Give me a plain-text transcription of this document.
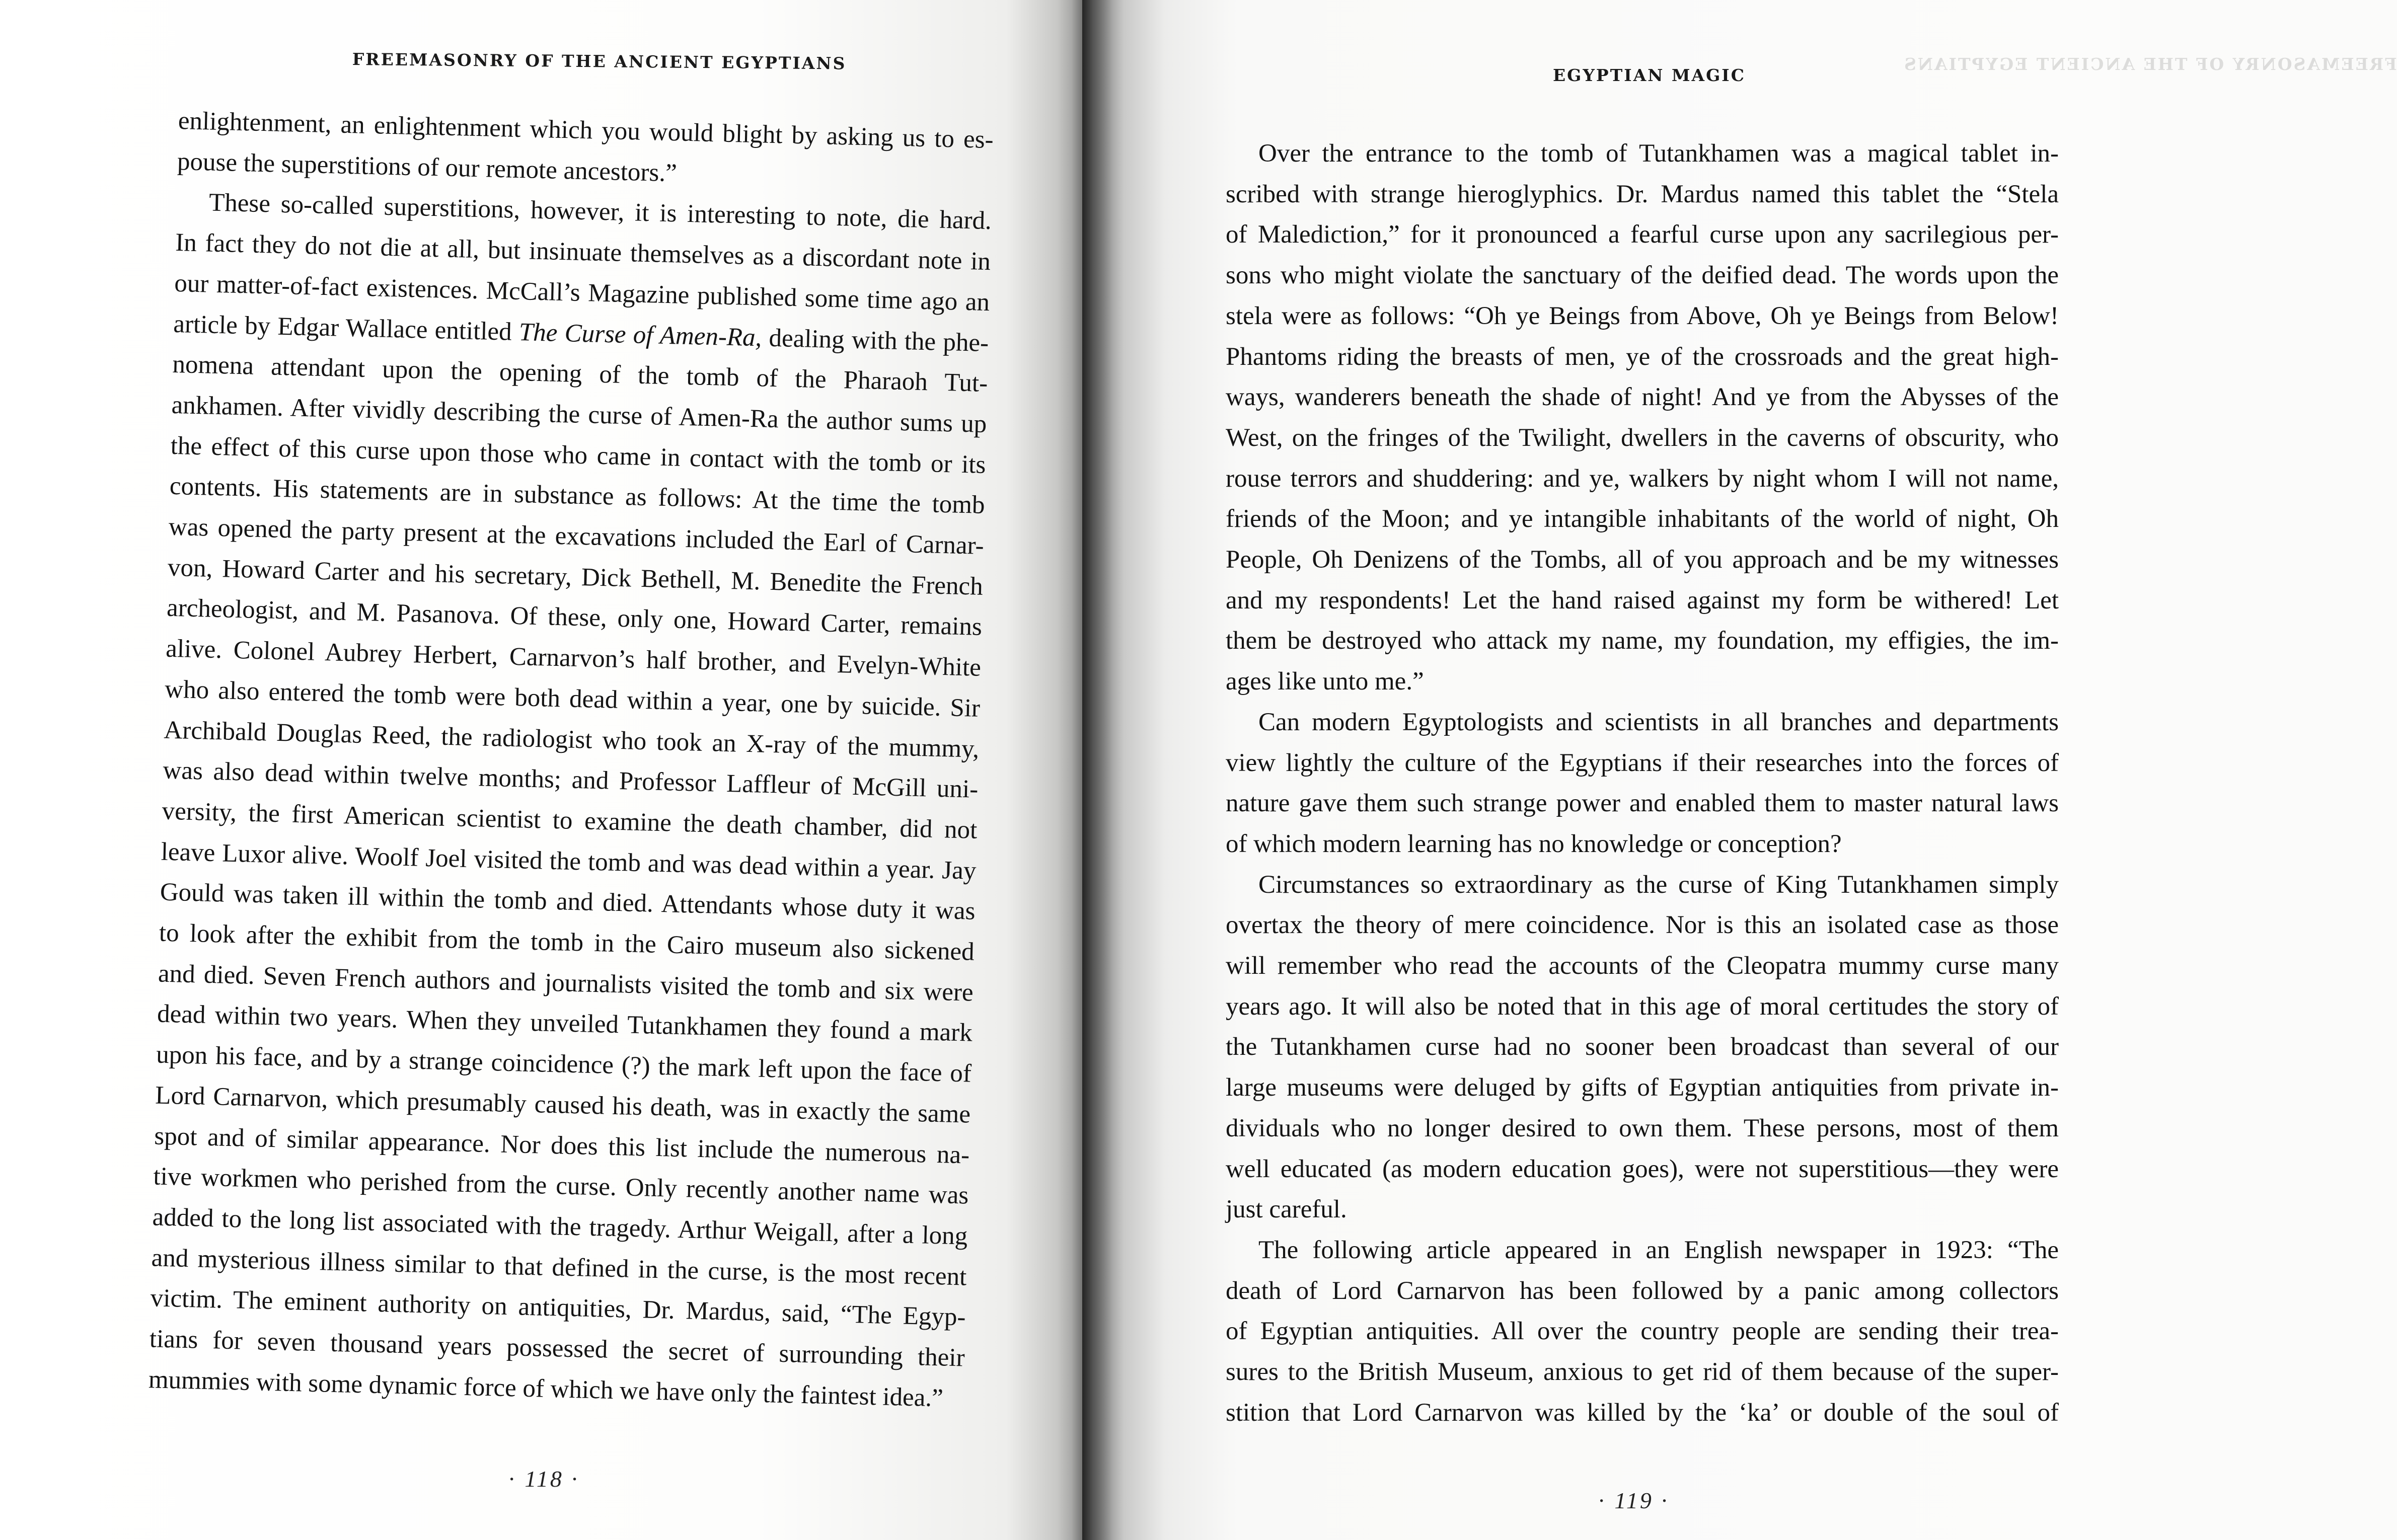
FREEMASONRY OF THE ANCIENT EGYPTIANS
enlightenment, an enlightenment which you would blight by asking us to es-
pouse the superstitions of our remote ancestors.”
These so-called superstitions, however, it is interesting to note, die hard.
In fact they do not die at all, but insinuate themselves as a discordant note in
our matter-of-fact existences. McCall’s Magazine published some time ago an
article by Edgar Wallace entitled The Curse of Amen-Ra, dealing with the phe-
nomena attendant upon the opening of the tomb of the Pharaoh Tut-
ankhamen. After vividly describing the curse of Amen-Ra the author sums up
the effect of this curse upon those who came in contact with the tomb or its
contents. His statements are in substance as follows: At the time the tomb
was opened the party present at the excavations included the Earl of Carnar-
von, Howard Carter and his secretary, Dick Bethell, M. Benedite the French
archeologist, and M. Pasanova. Of these, only one, Howard Carter, remains
alive. Colonel Aubrey Herbert, Carnarvon’s half brother, and Evelyn-White
who also entered the tomb were both dead within a year, one by suicide. Sir
Archibald Douglas Reed, the radiologist who took an X-ray of the mummy,
was also dead within twelve months; and Professor Laffleur of McGill uni-
versity, the first American scientist to examine the death chamber, did not
leave Luxor alive. Woolf Joel visited the tomb and was dead within a year. Jay
Gould was taken ill within the tomb and died. Attendants whose duty it was
to look after the exhibit from the tomb in the Cairo museum also sickened
and died. Seven French authors and journalists visited the tomb and six were
dead within two years. When they unveiled Tutankhamen they found a mark
upon his face, and by a strange coincidence (?) the mark left upon the face of
Lord Carnarvon, which presumably caused his death, was in exactly the same
spot and of similar appearance. Nor does this list include the numerous na-
tive workmen who perished from the curse. Only recently another name was
added to the long list associated with the tragedy. Arthur Weigall, after a long
and mysterious illness similar to that defined in the curse, is the most recent
victim. The eminent authority on antiquities, Dr. Mardus, said, “The Egyp-
tians for seven thousand years possessed the secret of surrounding their
mummies with some dynamic force of which we have only the faintest idea.”
· 118 ·
FREEMASONRY OF THE ANCIENT EGYPTIANS
EGYPTIAN MAGIC
Over the entrance to the tomb of Tutankhamen was a magical tablet in-
scribed with strange hieroglyphics. Dr. Mardus named this tablet the “Stela
of Malediction,” for it pronounced a fearful curse upon any sacrilegious per-
sons who might violate the sanctuary of the deified dead. The words upon the
stela were as follows: “Oh ye Beings from Above, Oh ye Beings from Below!
Phantoms riding the breasts of men, ye of the crossroads and the great high-
ways, wanderers beneath the shade of night! And ye from the Abysses of the
West, on the fringes of the Twilight, dwellers in the caverns of obscurity, who
rouse terrors and shuddering: and ye, walkers by night whom I will not name,
friends of the Moon; and ye intangible inhabitants of the world of night, Oh
People, Oh Denizens of the Tombs, all of you approach and be my witnesses
and my respondents! Let the hand raised against my form be withered! Let
them be destroyed who attack my name, my foundation, my effigies, the im-
ages like unto me.”
Can modern Egyptologists and scientists in all branches and departments
view lightly the culture of the Egyptians if their researches into the forces of
nature gave them such strange power and enabled them to master natural laws
of which modern learning has no knowledge or conception?
Circumstances so extraordinary as the curse of King Tutankhamen simply
overtax the theory of mere coincidence. Nor is this an isolated case as those
will remember who read the accounts of the Cleopatra mummy curse many
years ago. It will also be noted that in this age of moral certitudes the story of
the Tutankhamen curse had no sooner been broadcast than several of our
large museums were deluged by gifts of Egyptian antiquities from private in-
dividuals who no longer desired to own them. These persons, most of them
well educated (as modern education goes), were not superstitious—they were
just careful.
The following article appeared in an English newspaper in 1923: “The
death of Lord Carnarvon has been followed by a panic among collectors
of Egyptian antiquities. All over the country people are sending their trea-
sures to the British Museum, anxious to get rid of them because of the super-
stition that Lord Carnarvon was killed by the ‘ka’ or double of the soul of
· 119 ·
